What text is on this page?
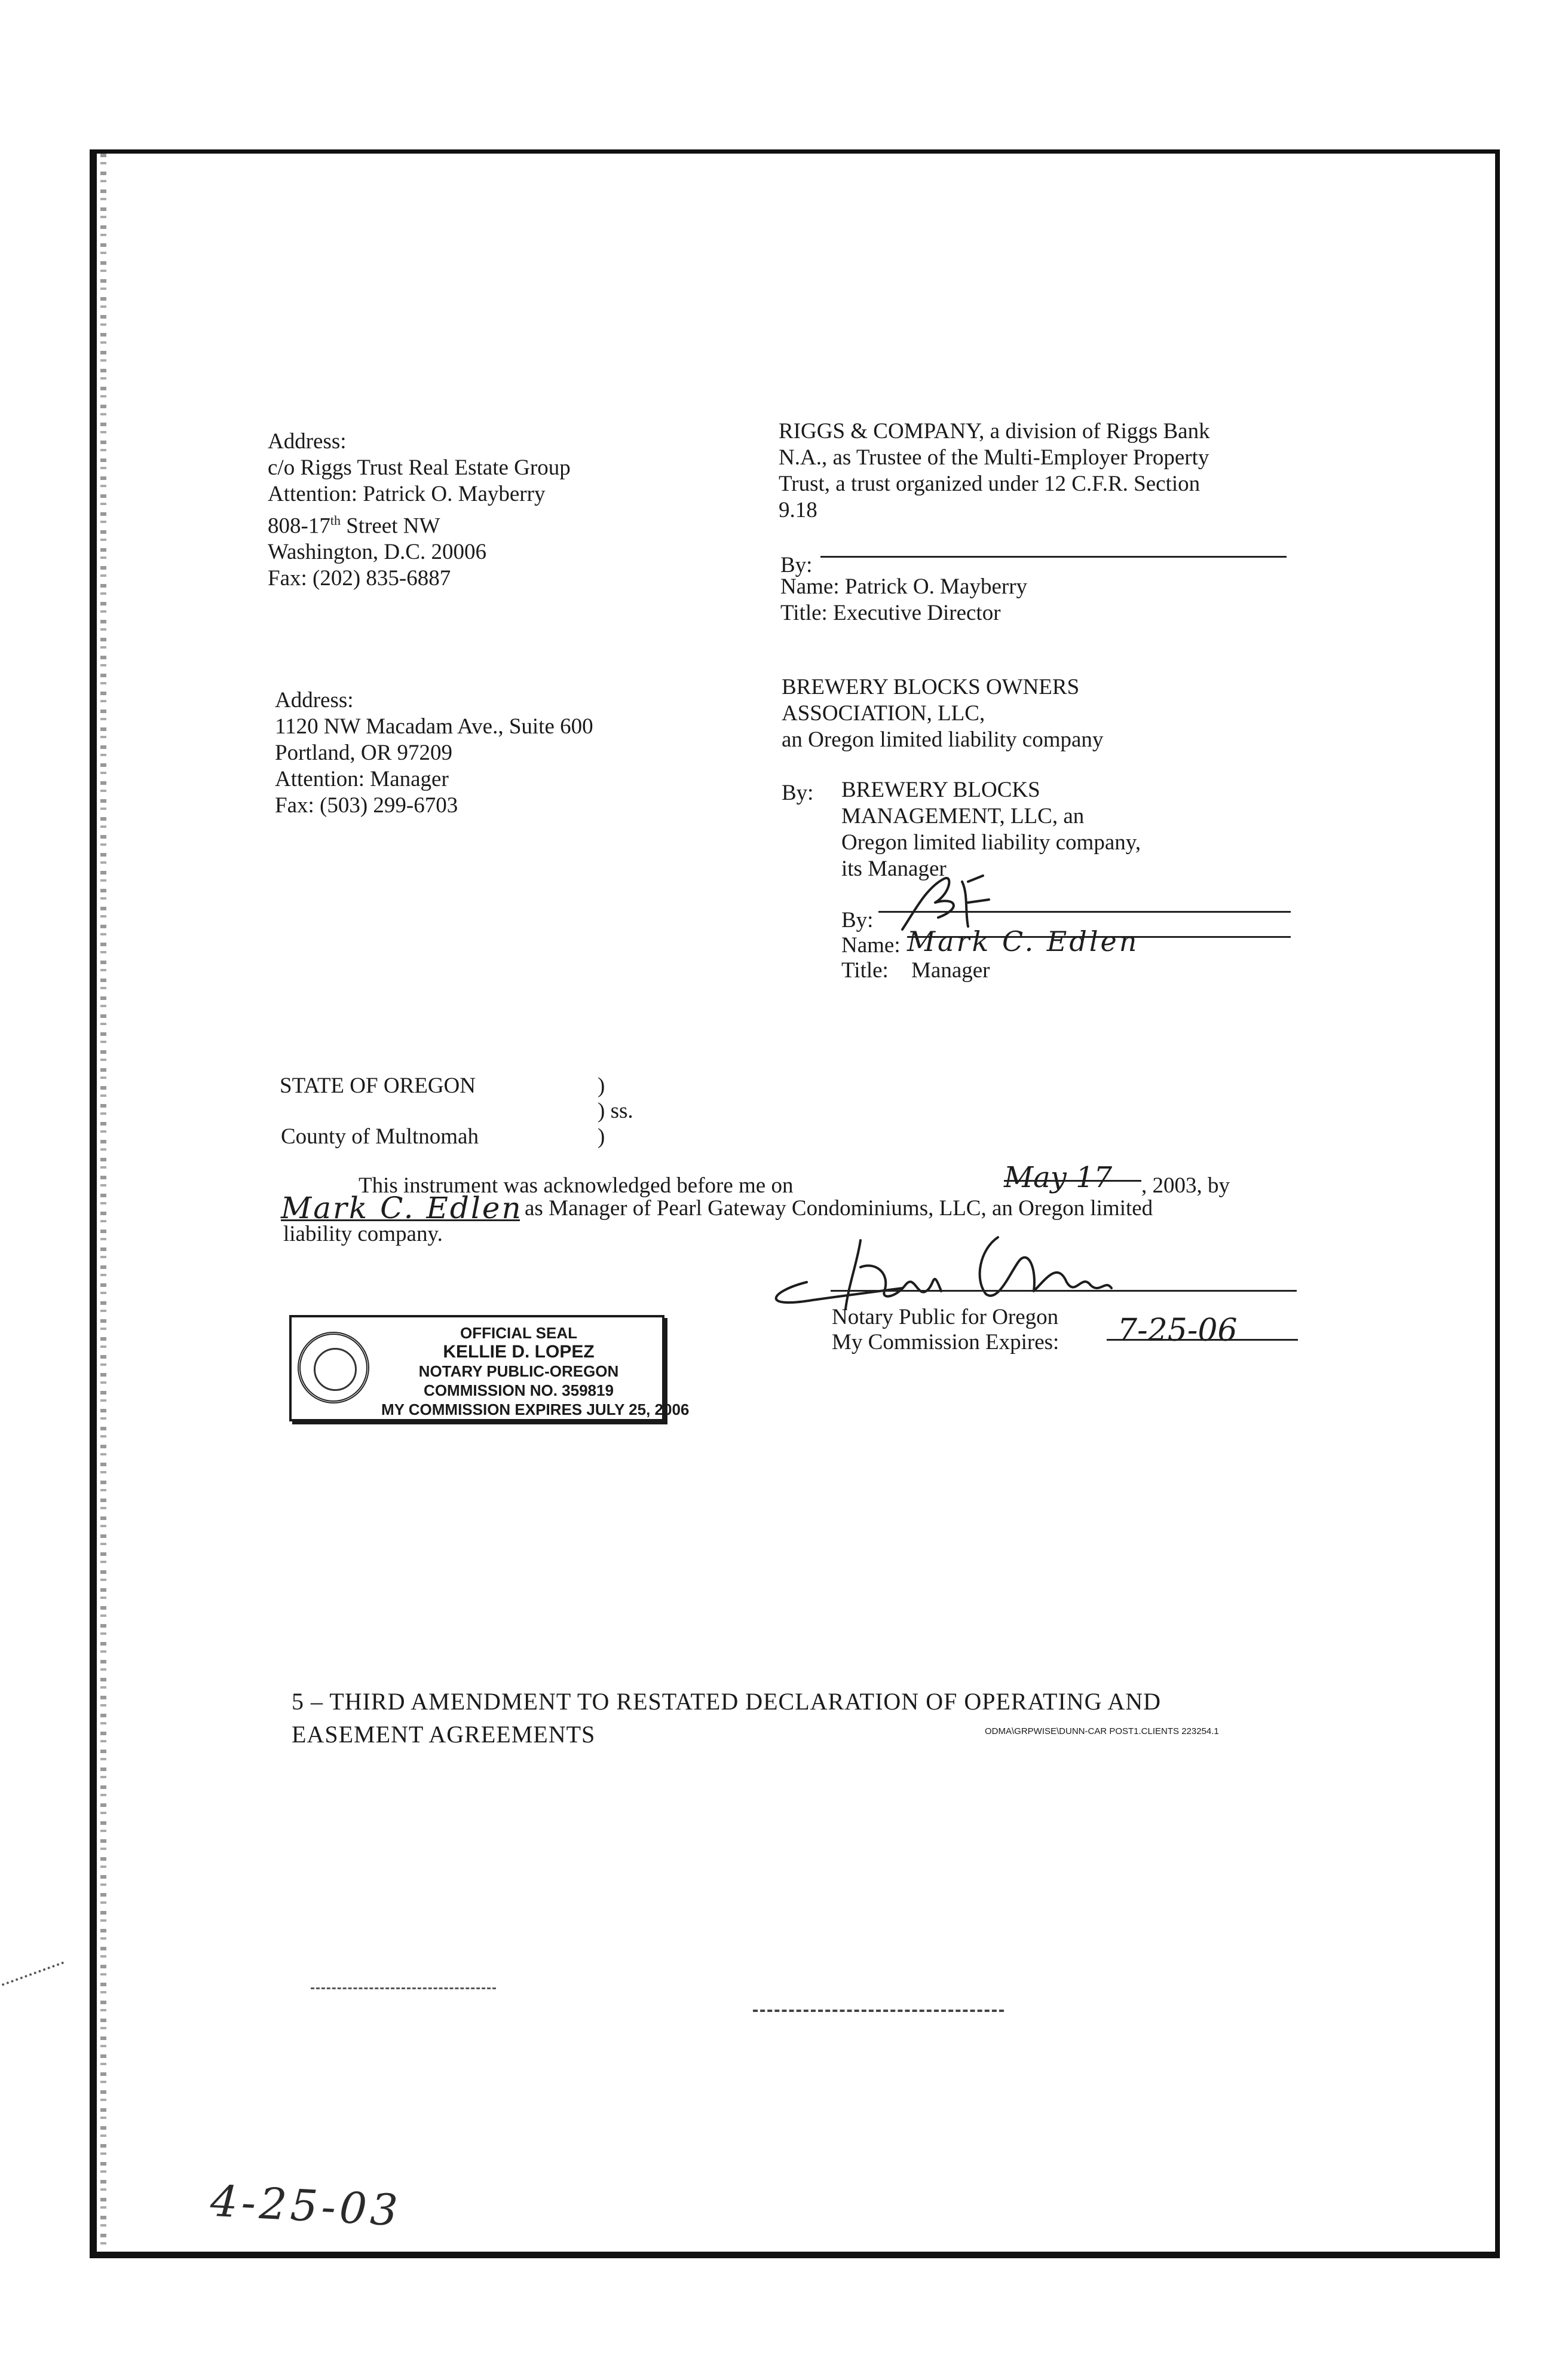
Address:
c/o Riggs Trust Real Estate Group
Attention: Patrick O. Mayberry
808-17th Street NW
Washington, D.C. 20006
Fax: (202) 835-6887
RIGGS & COMPANY, a division of Riggs Bank
N.A., as Trustee of the Multi-Employer Property
Trust, a trust organized under 12 C.F.R. Section
9.18
By:
Name: Patrick O. Mayberry
Title: Executive Director
Address:
1120 NW Macadam Ave., Suite 600
Portland, OR 97209
Attention: Manager
Fax: (503) 299-6703
BREWERY BLOCKS OWNERS
ASSOCIATION, LLC,
an Oregon limited liability company
By: BREWERY BLOCKS
MANAGEMENT, LLC, an
Oregon limited liability company,
its Manager
By:
Name:
Title: Manager
Mark C. Edlen
STATE OF OREGON	)
) ss.
County of Multnomah	)
This instrument was acknowledged before me on	May 17 , 2003, by
Mark C. Edlen as Manager of Pearl Gateway Condominiums, LLC, an Oregon limited
liability company.
Notary Public for Oregon
My Commission Expires: 7-25-06
OFFICIAL SEAL
KELLIE D. LOPEZ
NOTARY PUBLIC-OREGON
COMMISSION NO. 359819
MY COMMISSION EXPIRES JULY 25, 2006
5 – THIRD AMENDMENT TO RESTATED DECLARATION OF OPERATING AND
EASEMENT AGREEMENTS	ODMA\GRPWISE\DUNN-CAR POST1.CLIENTS 223254.1
4-25-03
